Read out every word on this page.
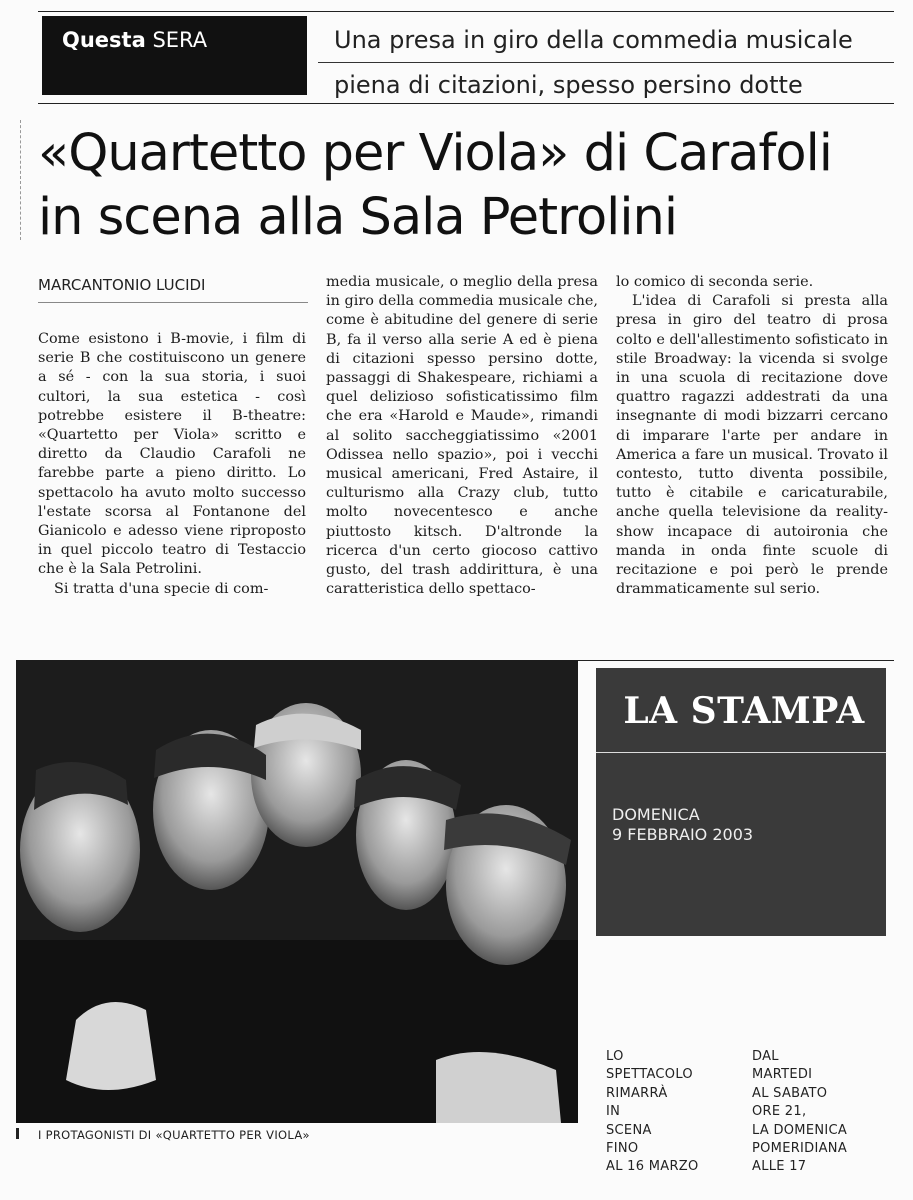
Questa SERA	Una presa in giro della commedia musicale
piena di citazioni, spesso persino dotte
«Quartetto per Viola» di Carafoli
in scena alla Sala Petrolini
MARCANTONIO LUCIDI

Come esistono i B-movie, i film di serie B che costituiscono un genere a sé - con la sua storia, i suoi cultori, la sua estetica - così potrebbe esistere il B-theatre: «Quartetto per Viola» scritto e diretto da Claudio Carafoli ne farebbe parte a pieno diritto. Lo spettacolo ha avuto molto successo l'estate scorsa al Fontanone del Gianicolo e adesso viene riproposto in quel piccolo teatro di Testaccio che è la Sala Petrolini.

Si tratta d'una specie di com-

media musicale, o meglio della presa in giro della commedia musicale che, come è abitudine del genere di serie B, fa il verso alla serie A ed è piena di citazioni spesso persino dotte, passaggi di Shakespeare, richiami a quel delizioso sofisticatissimo film che era «Harold e Maude», rimandi al solito saccheggiatissimo «2001 Odissea nello spazio», poi i vecchi musical americani, Fred Astaire, il culturismo alla Crazy club, tutto molto novecentesco e anche piuttosto kitsch. D'altronde la ricerca d'un certo giocoso cattivo gusto, del trash addirittura, è una caratteristica dello spettaco-

lo comico di seconda serie.

L'idea di Carafoli si presta alla presa in giro del teatro di prosa colto e dell'allestimento sofisticato in stile Broadway: la vicenda si svolge in una scuola di recitazione dove quattro ragazzi addestrati da una insegnante di modi bizzarri cercano di imparare l'arte per andare in America a fare un musical. Trovato il contesto, tutto diventa possibile, tutto è citabile e caricaturabile, anche quella televisione da reality-show incapace di autoironia che manda in onda finte scuole di recitazione e poi però le prende drammaticamente sul serio.

I PROTAGONISTI DI «QUARTETTO PER VIOLA»
LA STAMPA
DOMENICA
9 FEBBRAIO 2003
LO
SPETTACOLO
RIMARRÀ
IN
SCENA
FINO
AL 16 MARZO
DAL
MARTEDI
AL SABATO
ORE 21,
LA DOMENICA
POMERIDIANA
ALLE 17
